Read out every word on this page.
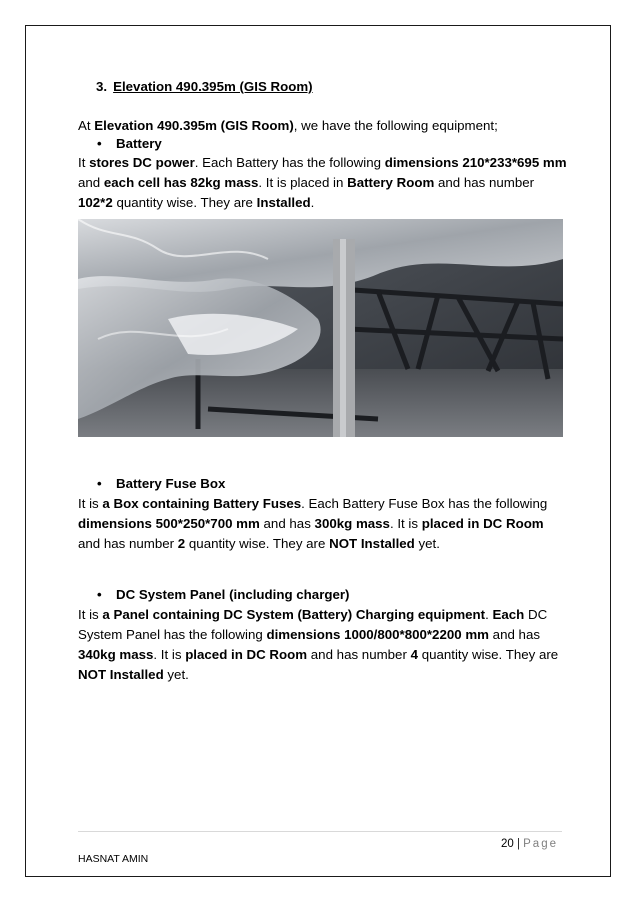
3. Elevation 490.395m (GIS Room)
At Elevation 490.395m (GIS Room), we have the following equipment;
• Battery
It stores DC power. Each Battery has the following dimensions 210*233*695 mm and each cell has 82kg mass. It is placed in Battery Room and has number 102*2 quantity wise. They are Installed.
• Battery Fuse Box
It is a Box containing Battery Fuses. Each Battery Fuse Box has the following dimensions 500*250*700 mm and has 300kg mass. It is placed in DC Room and has number 2 quantity wise. They are NOT Installed yet.
• DC System Panel (including charger)
It is a Panel containing DC System (Battery) Charging equipment. Each DC System Panel has the following dimensions 1000/800*800*2200 mm and has 340kg mass. It is placed in DC Room and has number 4 quantity wise. They are NOT Installed yet.
20 | Page
HASNAT AMIN
